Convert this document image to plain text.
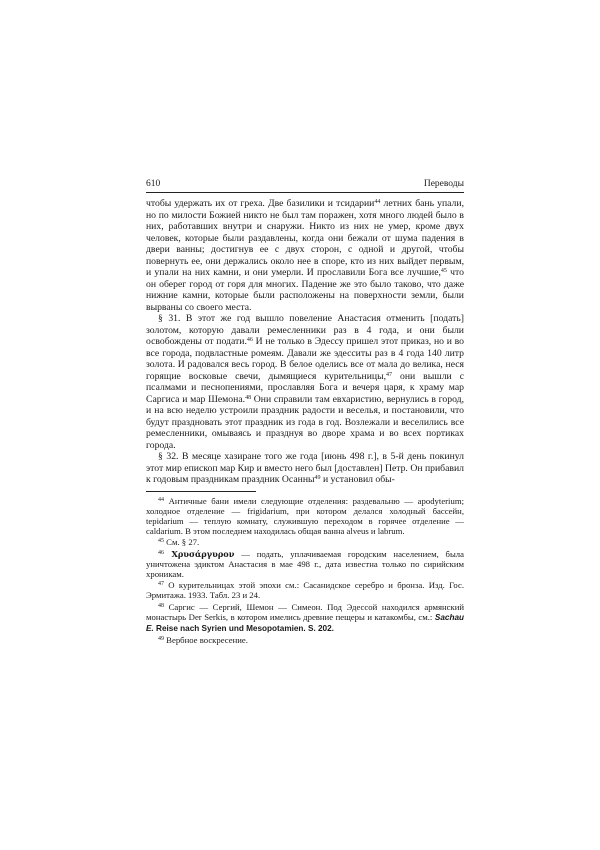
610	Переводы

чтобы удержать их от греха. Две базилики и тсидарии$^{44}$ летних бань упали, но по милости Божией никто не был там поражен, хотя много людей было в них, работавших внутри и снаружи. Никто из них не умер, кроме двух человек, которые были раздавлены, когда они бежали от шума падения в двери ванны; достигнув ее с двух сторон, с одной и другой, чтобы повернуть ее, они держались около нее в споре, кто из них выйдет первым, и упали на них камни, и они умерли. И прославили Бога все лучшие,$^{45}$ что он оберег город от горя для многих. Падение же это было таково, что даже нижние камни, которые были расположены на поверхности земли, были вырваны со своего места.

§ 31. В этот же год вышло повеление Анастасия отменить [подать] золотом, которую давали ремесленники раз в 4 года, и они были освобождены от подати.$^{46}$ И не только в Эдессу пришел этот приказ, но и во все города, подвластные ромеям. Давали же эдесситы раз в 4 года 140 литр золота. И радовался весь город. В белое оделись все от мала до велика, неся горящие восковые свечи, дымящиеся курительницы,$^{47}$ они вышли с псалмами и песнопениями, прославляя Бога и вечеря царя, к храму мар Саргиса и мар Шемона.$^{48}$ Они справили там евхаристию, вернулись в город, и на всю неделю устроили праздник радости и веселья, и постановили, что будут праздновать этот праздник из года в год. Возлежали и веселились все ремесленники, омываясь и празднуя во дворе храма и во всех портиках города.

§ 32. В месяце хазиране того же года [июнь 498 г.], в 5-й день покинул этот мир епископ мар Кир и вместо него был [доставлен] Петр. Он прибавил к годовым праздникам праздник Осанны$^{49}$ и установил обы-

$^{44}$ Античные бани имели следующие отделения: раздевальню — apodyterium; холодное отделение — frigidarium, при котором делался холодный бассейн, tepidarium — теплую комнату, служившую переходом в горячее отделение — caldarium. В этом последнем находилась общая ванна alveus и labrum.

$^{45}$ См. § 27.

$^{46}$ Χρυσάργυρον — подать, уплачиваемая городским населением, была уничтожена эдиктом Анастасия в мае 498 г., дата известна только по сирийским хроникам.

$^{47}$ О курительницах этой эпохи см.: Сасанидское серебро и бронза. Изд. Гос. Эрмитажа. 1933. Табл. 23 и 24.

$^{48}$ Саргис — Сергий, Шемон — Симеон. Под Эдессой находился армянский монастырь Der Serkis, в котором имелись древние пещеры и катакомбы, см.: Sachau E. Reise nach Syrien und Mesopotamien. S. 202.

$^{49}$ Вербное воскресение.
